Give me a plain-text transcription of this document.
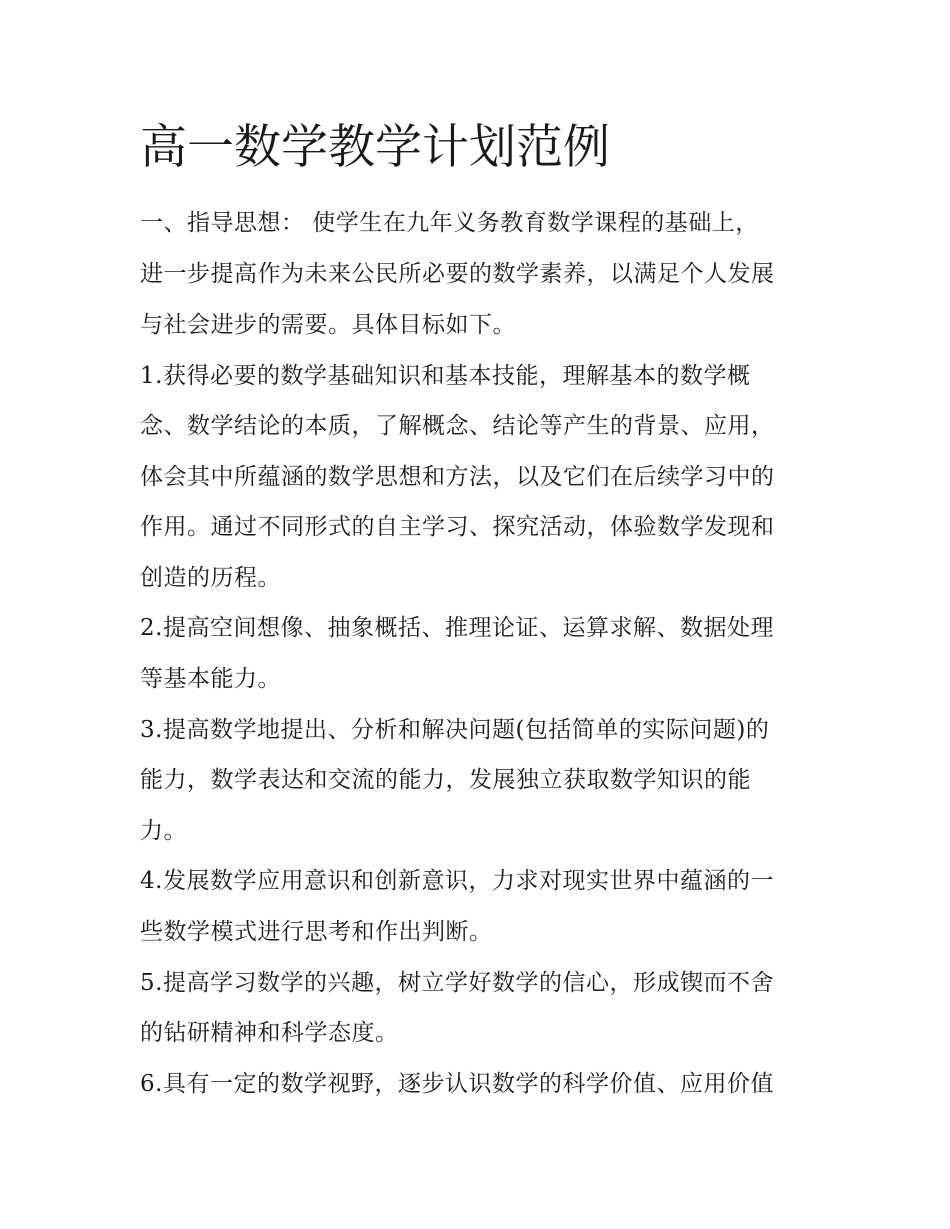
高一数学教学计划范例

一、指导思想： 使学生在九年义务教育数学课程的基础上，

进一步提高作为未来公民所必要的数学素养，以满足个人发展

与社会进步的需要。具体目标如下。

1.获得必要的数学基础知识和基本技能，理解基本的数学概

念、数学结论的本质，了解概念、结论等产生的背景、应用，

体会其中所蕴涵的数学思想和方法，以及它们在后续学习中的

作用。通过不同形式的自主学习、探究活动，体验数学发现和

创造的历程。

2.提高空间想像、抽象概括、推理论证、运算求解、数据处理

等基本能力。

3.提高数学地提出、分析和解决问题(包括简单的实际问题)的

能力，数学表达和交流的能力，发展独立获取数学知识的能

力。

4.发展数学应用意识和创新意识，力求对现实世界中蕴涵的一

些数学模式进行思考和作出判断。

5.提高学习数学的兴趣，树立学好数学的信心，形成锲而不舍

的钻研精神和科学态度。

6.具有一定的数学视野，逐步认识数学的科学价值、应用价值
